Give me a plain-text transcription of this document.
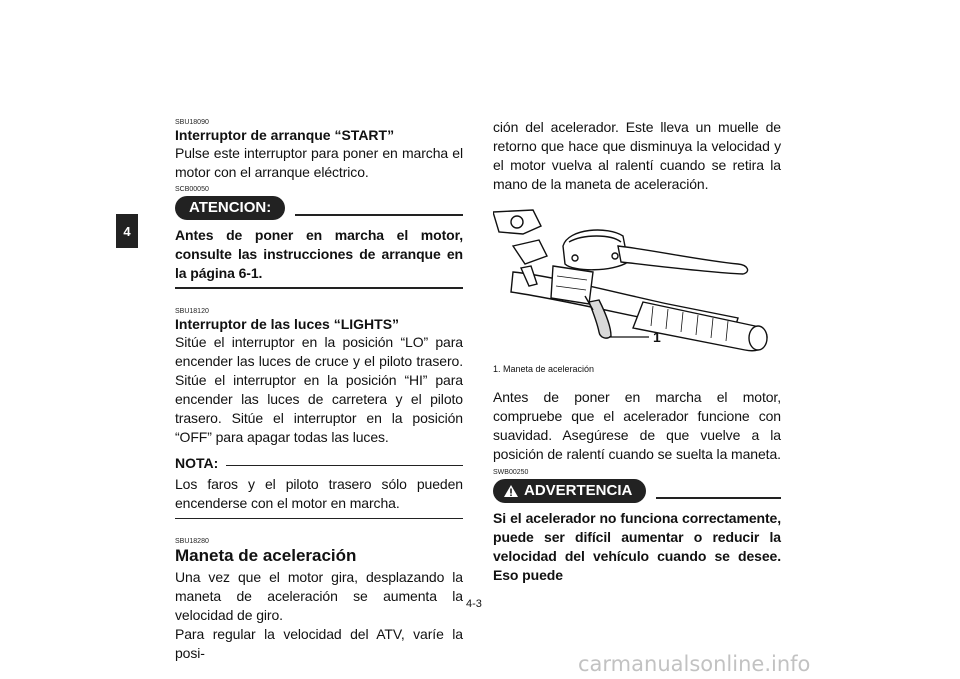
4

SBU18090

Interruptor de arranque “START”

Pulse este interruptor para poner en marcha el motor con el arranque eléctrico.

SCB00050

ATENCION:

Antes de poner en marcha el motor, consulte las instrucciones de arranque en la página 6-1.

SBU18120

Interruptor de las luces “LIGHTS”

Sitúe el interruptor en la posición “LO” para encender las luces de cruce y el piloto trasero. Sitúe el interruptor en la posición “HI” para encender las luces de carretera y el piloto trasero. Sitúe el interruptor en la posición “OFF” para apagar todas las luces.

NOTA:

Los faros y el piloto trasero sólo pueden encenderse con el motor en marcha.

SBU18280

Maneta de aceleración

Una vez que el motor gira, desplazando la maneta de aceleración se aumenta la velocidad de giro.

Para regular la velocidad del ATV, varíe la posi-

ción del acelerador. Este lleva un muelle de retorno que hace que disminuya la velocidad y el motor vuelva al ralentí cuando se retira la mano de la maneta de aceleración.

1

1. Maneta de aceleración

Antes de poner en marcha el motor, compruebe que el acelerador funcione con suavidad. Asegúrese de que vuelve a la posición de ralentí cuando se suelta la maneta.

SWB00250

ADVERTENCIA

Si el acelerador no funciona correctamente, puede ser difícil aumentar o reducir la velocidad del vehículo cuando se desee. Eso puede

4-3
carmanualsonline.info
